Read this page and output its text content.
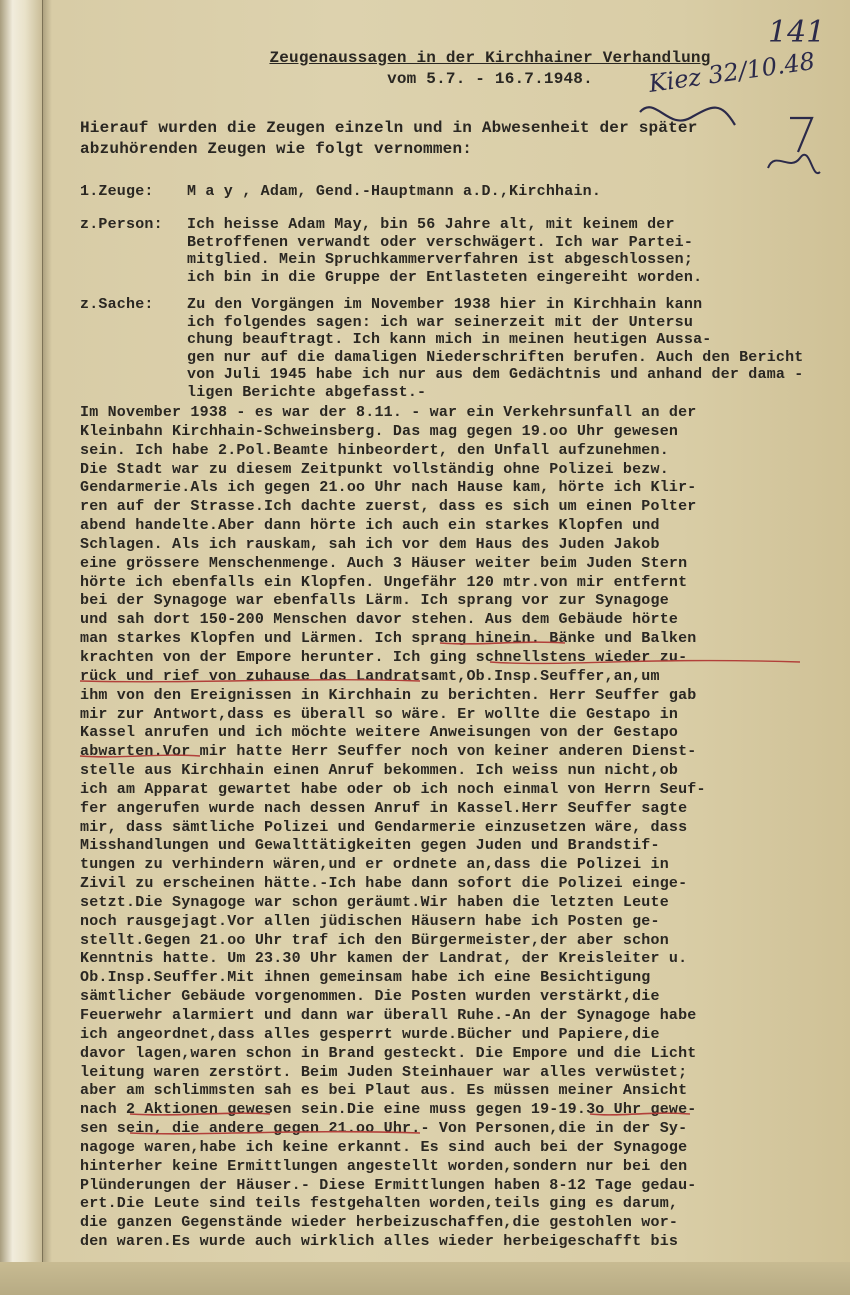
Zeugenaussagen in der Kirchhainer Verhandlung
vom 5.7. - 16.7.1948.
Hierauf wurden die Zeugen einzeln und in Abwesenheit der später
abzuhörenden Zeugen wie folgt vernommen:
1.Zeuge: M a y , Adam, Gend.-Hauptmann a.D.,Kirchhain.
z.Person: Ich heisse Adam May, bin 56 Jahre alt, mit keinem der
Betroffenen verwandt oder verschwägert. Ich war Partei-
mitglied. Mein Spruchkammerverfahren ist abgeschlossen;
ich bin in die Gruppe der Entlasteten eingereiht worden.
z.Sache: Zu den Vorgängen im November 1938 hier in Kirchhain kann
ich folgendes sagen: ich war seinerzeit mit der Untersu
chung beauftragt. Ich kann mich in meinen heutigen Aussa-
gen nur auf die damaligen Niederschriften berufen. Auch den Bericht
von Juli 1945 habe ich nur aus dem Gedächtnis und anhand der dama -
ligen Berichte abgefasst.-
Im November 1938 - es war der 8.11. - war ein Verkehrsunfall an der
Kleinbahn Kirchhain-Schweinsberg. Das mag gegen 19.oo Uhr gewesen
sein. Ich habe 2.Pol.Beamte hinbeordert, den Unfall aufzunehmen.
Die Stadt war zu diesem Zeitpunkt vollständig ohne Polizei bezw.
Gendarmerie.Als ich gegen 21.oo Uhr nach Hause kam, hörte ich Klir-
ren auf der Strasse.Ich dachte zuerst, dass es sich um einen Polter
abend handelte.Aber dann hörte ich auch ein starkes Klopfen und
Schlagen. Als ich rauskam, sah ich vor dem Haus des Juden Jakob
eine grössere Menschenmenge. Auch 3 Häuser weiter beim Juden Stern
hörte ich ebenfalls ein Klopfen. Ungefähr 120 mtr.von mir entfernt
bei der Synagoge war ebenfalls Lärm. Ich sprang vor zur Synagoge
und sah dort 150-200 Menschen davor stehen. Aus dem Gebäude hörte
man starkes Klopfen und Lärmen. Ich sprang hinein. Bänke und Balken
krachten von der Empore herunter. Ich ging schnellstens wieder zu-
rück und rief von zuhause das Landratsamt,Ob.Insp.Seuffer,an,um
ihm von den Ereignissen in Kirchhain zu berichten. Herr Seuffer gab
mir zur Antwort,dass es überall so wäre. Er wollte die Gestapo in
Kassel anrufen und ich möchte weitere Anweisungen von der Gestapo
abwarten.Vor mir hatte Herr Seuffer noch von keiner anderen Dienst-
stelle aus Kirchhain einen Anruf bekommen. Ich weiss nun nicht,ob
ich am Apparat gewartet habe oder ob ich noch einmal von Herrn Seuf-
fer angerufen wurde nach dessen Anruf in Kassel.Herr Seuffer sagte
mir, dass sämtliche Polizei und Gendarmerie einzusetzen wäre, dass
Misshandlungen und Gewalttätigkeiten gegen Juden und Brandstif-
tungen zu verhindern wären,und er ordnete an,dass die Polizei in
Zivil zu erscheinen hätte.-Ich habe dann sofort die Polizei einge-
setzt.Die Synagoge war schon geräumt.Wir haben die letzten Leute
noch rausgejagt.Vor allen jüdischen Häusern habe ich Posten ge-
stellt.Gegen 21.oo Uhr traf ich den Bürgermeister,der aber schon
Kenntnis hatte. Um 23.30 Uhr kamen der Landrat, der Kreisleiter u.
Ob.Insp.Seuffer.Mit ihnen gemeinsam habe ich eine Besichtigung
sämtlicher Gebäude vorgenommen. Die Posten wurden verstärkt,die
Feuerwehr alarmiert und dann war überall Ruhe.-An der Synagoge habe
ich angeordnet,dass alles gesperrt wurde.Bücher und Papiere,die
davor lagen,waren schon in Brand gesteckt. Die Empore und die Licht
leitung waren zerstört. Beim Juden Steinhauer war alles verwüstet;
aber am schlimmsten sah es bei Plaut aus. Es müssen meiner Ansicht
nach 2 Aktionen gewesen sein.Die eine muss gegen 19-19.3o Uhr gewe-
sen sein, die andere gegen 21.oo Uhr.- Von Personen,die in der Sy-
nagoge waren,habe ich keine erkannt. Es sind auch bei der Synagoge
hinterher keine Ermittlungen angestellt worden,sondern nur bei den
Plünderungen der Häuser.- Diese Ermittlungen haben 8-12 Tage gedau-
ert.Die Leute sind teils festgehalten worden,teils ging es darum,
die ganzen Gegenstände wieder herbeizuschaffen,die gestohlen wor-
den waren.Es wurde auch wirklich alles wieder herbeigeschafft bis
141
Kiez 32/10.48
